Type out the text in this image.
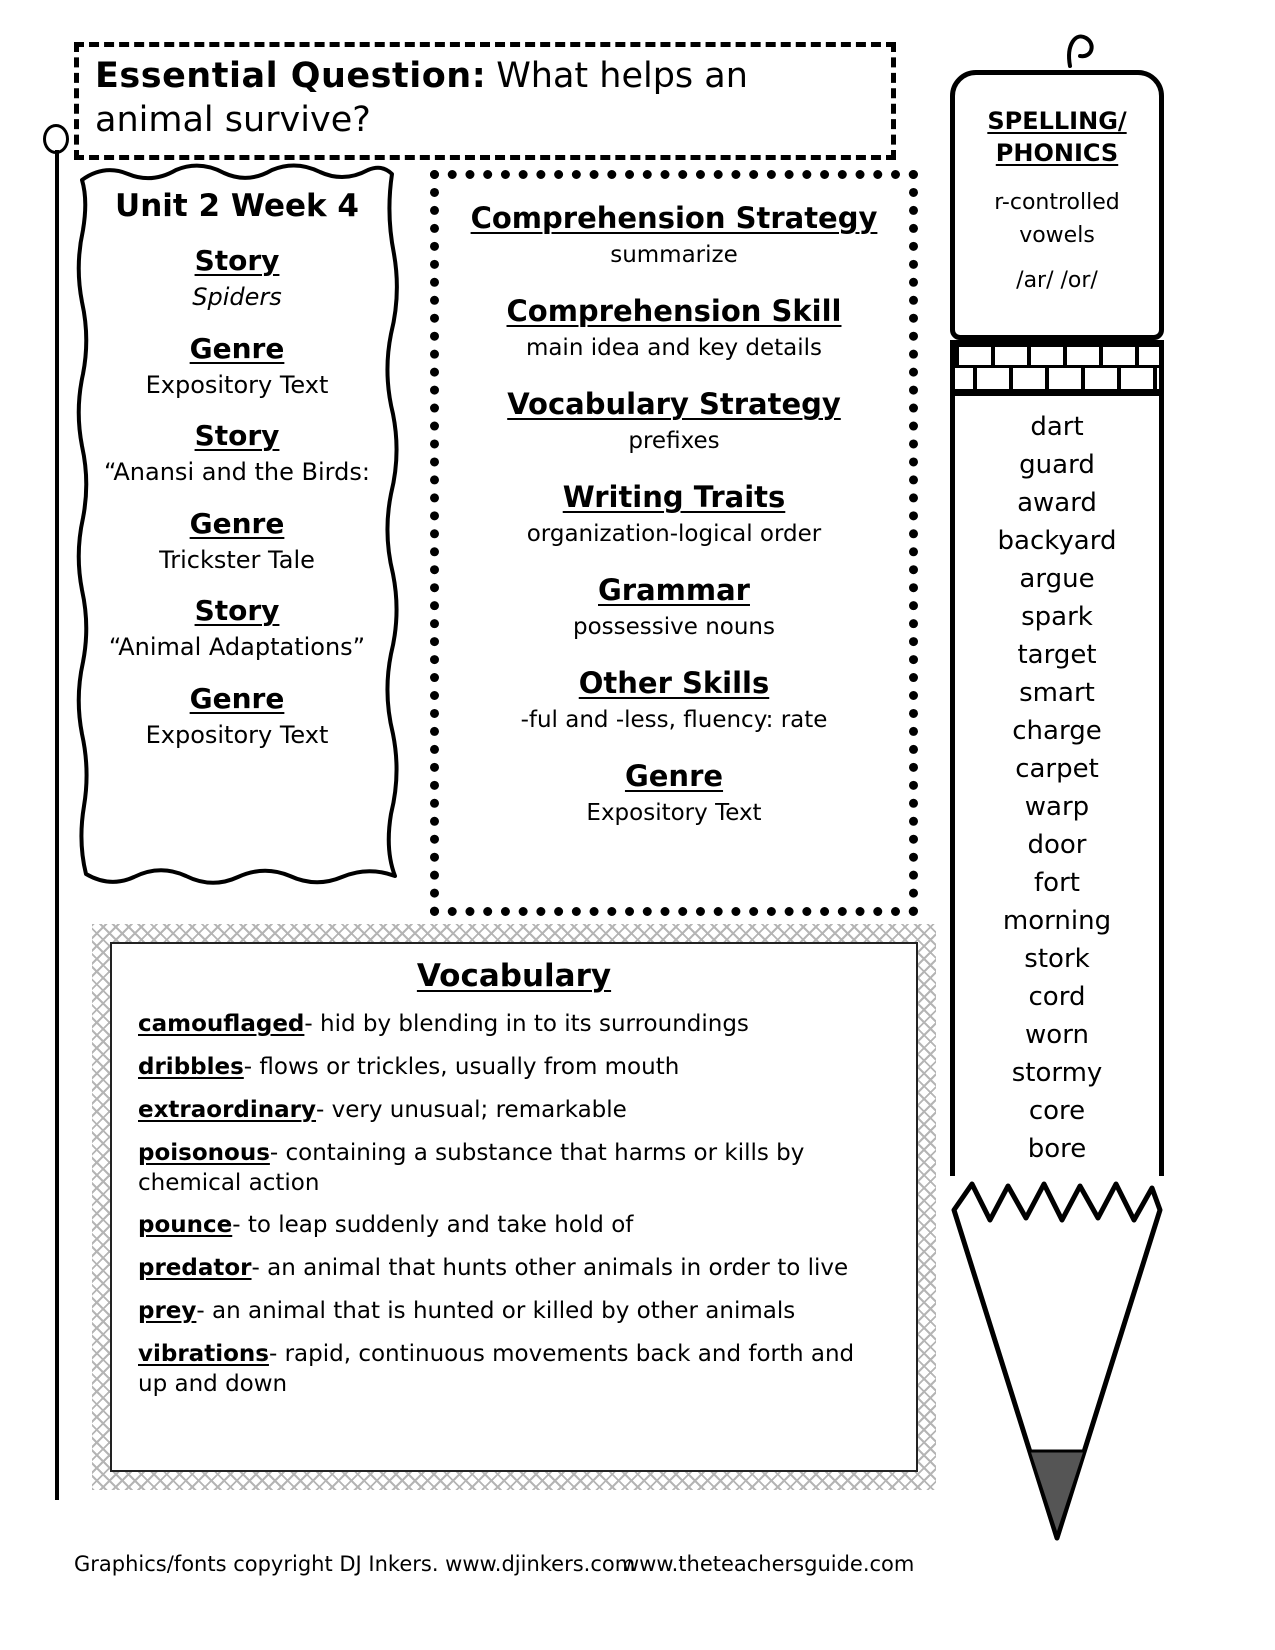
Essential Question: What helps an animal survive?
Unit 2 Week 4
Story
Spiders
Genre
Expository Text
Story
“Anansi and the Birds:
Genre
Trickster Tale
Story
“Animal Adaptations”
Genre
Expository Text
Comprehension Strategy
summarize
Comprehension Skill
main idea and key details
Vocabulary Strategy
prefixes
Writing Traits
organization-logical order
Grammar
possessive nouns
Other Skills
-ful and -less, fluency: rate
Genre
Expository Text
SPELLING/
PHONICS
r-controlled
vowels
/ar/ /or/
dart
guard
award
backyard
argue
spark
target
smart
charge
carpet
warp
door
fort
morning
stork
cord
worn
stormy
core
bore
Vocabulary
camouflaged- hid by blending in to its surroundings
dribbles- flows or trickles, usually from mouth
extraordinary- very unusual; remarkable
poisonous- containing a substance that harms or kills by chemical action
pounce- to leap suddenly and take hold of
predator- an animal that hunts other animals in order to live
prey- an animal that is hunted or killed by other animals
vibrations- rapid, continuous movements back and forth and up and down
Graphics/fonts copyright DJ Inkers. www.djinkers.com
www.theteachersguide.com
